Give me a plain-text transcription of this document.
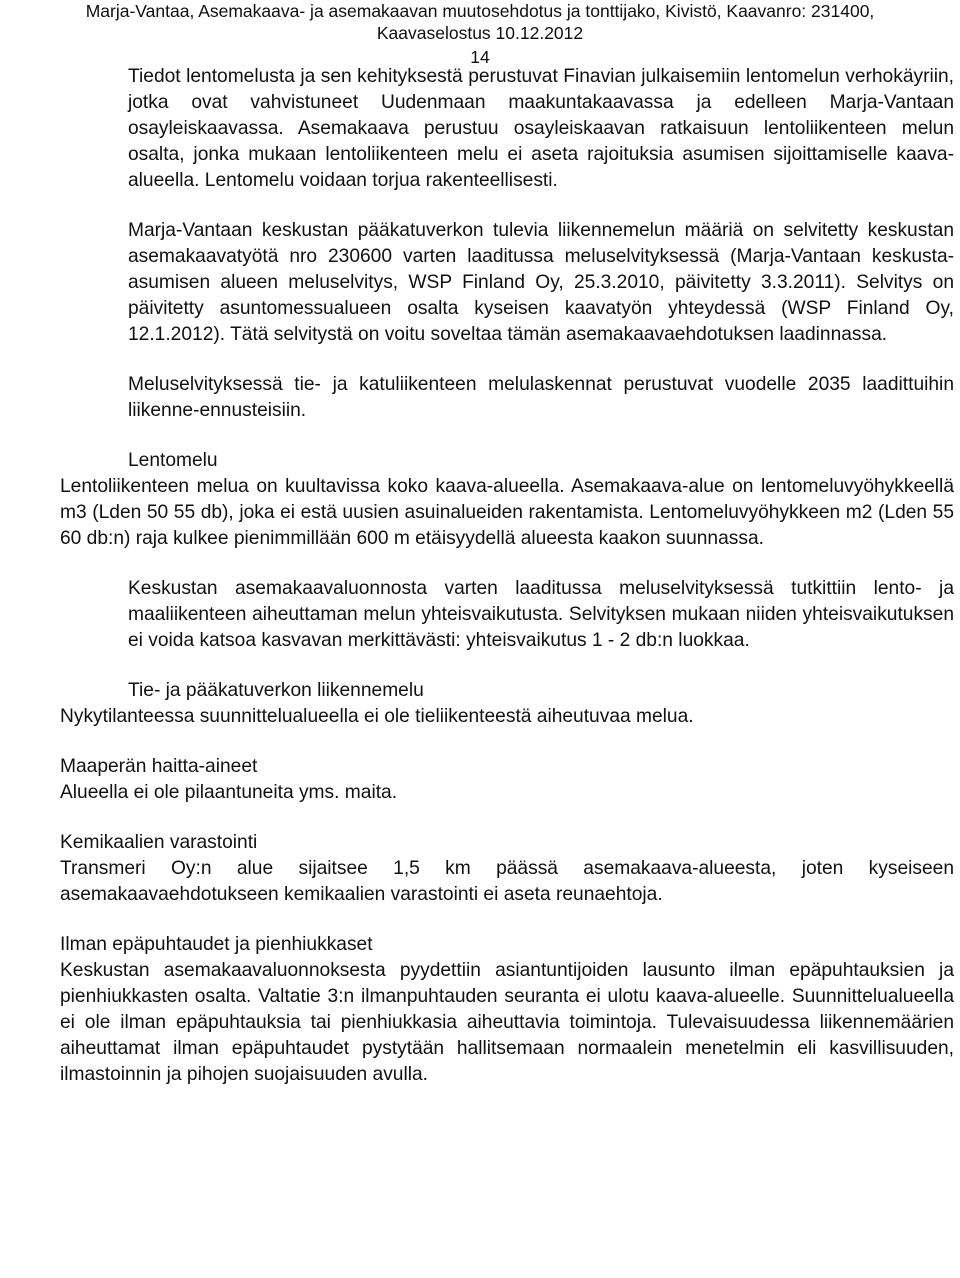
Marja-Vantaa, Asemakaava- ja asemakaavan muutosehdotus ja tonttijako, Kivistö, Kaavanro: 231400,
Kaavaselostus 10.12.2012
14

Tiedot lentomelusta ja sen kehityksestä perustuvat Finavian julkaisemiin lentomelun verhokäyriin, jotka ovat vahvistuneet Uudenmaan maakuntakaavassa ja edelleen Marja-Vantaan osayleiskaavassa. Asemakaava perustuu osayleiskaavan ratkaisuun lentoliikenteen melun osalta, jonka mukaan lentoliikenteen melu ei aseta rajoituksia asumisen sijoittamiselle kaava-alueella. Lentomelu voidaan torjua rakenteellisesti.

Marja-Vantaan keskustan pääkatuverkon tulevia liikennemelun määriä on selvitetty keskustan asemakaavatyötä nro 230600 varten laaditussa meluselvityksessä (Marja-Vantaan keskusta-asumisen alueen meluselvitys, WSP Finland Oy, 25.3.2010, päivitetty 3.3.2011). Selvitys on päivitetty asuntomessualueen osalta kyseisen kaavatyön yhteydessä (WSP Finland Oy, 12.1.2012). Tätä selvitystä on voitu soveltaa tämän asemakaavaehdotuksen laadinnassa.

Meluselvityksessä tie- ja katuliikenteen melulaskennat perustuvat vuodelle 2035 laadittuihin liikenne-ennusteisiin.

Lentomelu

Lentoliikenteen melua on kuultavissa koko kaava-alueella. Asemakaava-alue on lentomeluvyöhykkeellä m3 (Lden 50 55 db), joka ei estä uusien asuinalueiden rakentamista. Lentomeluvyöhykkeen m2 (Lden 55 60 db:n) raja kulkee pienimmillään 600 m etäisyydellä alueesta kaakon suunnassa.

Keskustan asemakaavaluonnosta varten laaditussa meluselvityksessä tutkittiin lento- ja maaliikenteen aiheuttaman melun yhteisvaikutusta. Selvityksen mukaan niiden yhteisvaikutuksen ei voida katsoa kasvavan merkittävästi: yhteisvaikutus 1 - 2 db:n luokkaa.

Tie- ja pääkatuverkon liikennemelu

Nykytilanteessa suunnittelualueella ei ole tieliikenteestä aiheutuvaa melua.

Maaperän haitta-aineet

Alueella ei ole pilaantuneita yms. maita.

Kemikaalien varastointi

Transmeri Oy:n alue sijaitsee 1,5 km päässä asemakaava-alueesta, joten kyseiseen asemakaavaehdotukseen kemikaalien varastointi ei aseta reunaehtoja.

Ilman epäpuhtaudet ja pienhiukkaset

Keskustan asemakaavaluonnoksesta pyydettiin asiantuntijoiden lausunto ilman epäpuhtauksien ja pienhiukkasten osalta. Valtatie 3:n ilmanpuhtauden seuranta ei ulotu kaava-alueelle. Suunnittelualueella ei ole ilman epäpuhtauksia tai pienhiukkasia aiheuttavia toimintoja. Tulevaisuudessa liikennemäärien aiheuttamat ilman epäpuhtaudet pystytään hallitsemaan normaalein menetelmin eli kasvillisuuden, ilmastoinnin ja pihojen suojaisuuden avulla.
